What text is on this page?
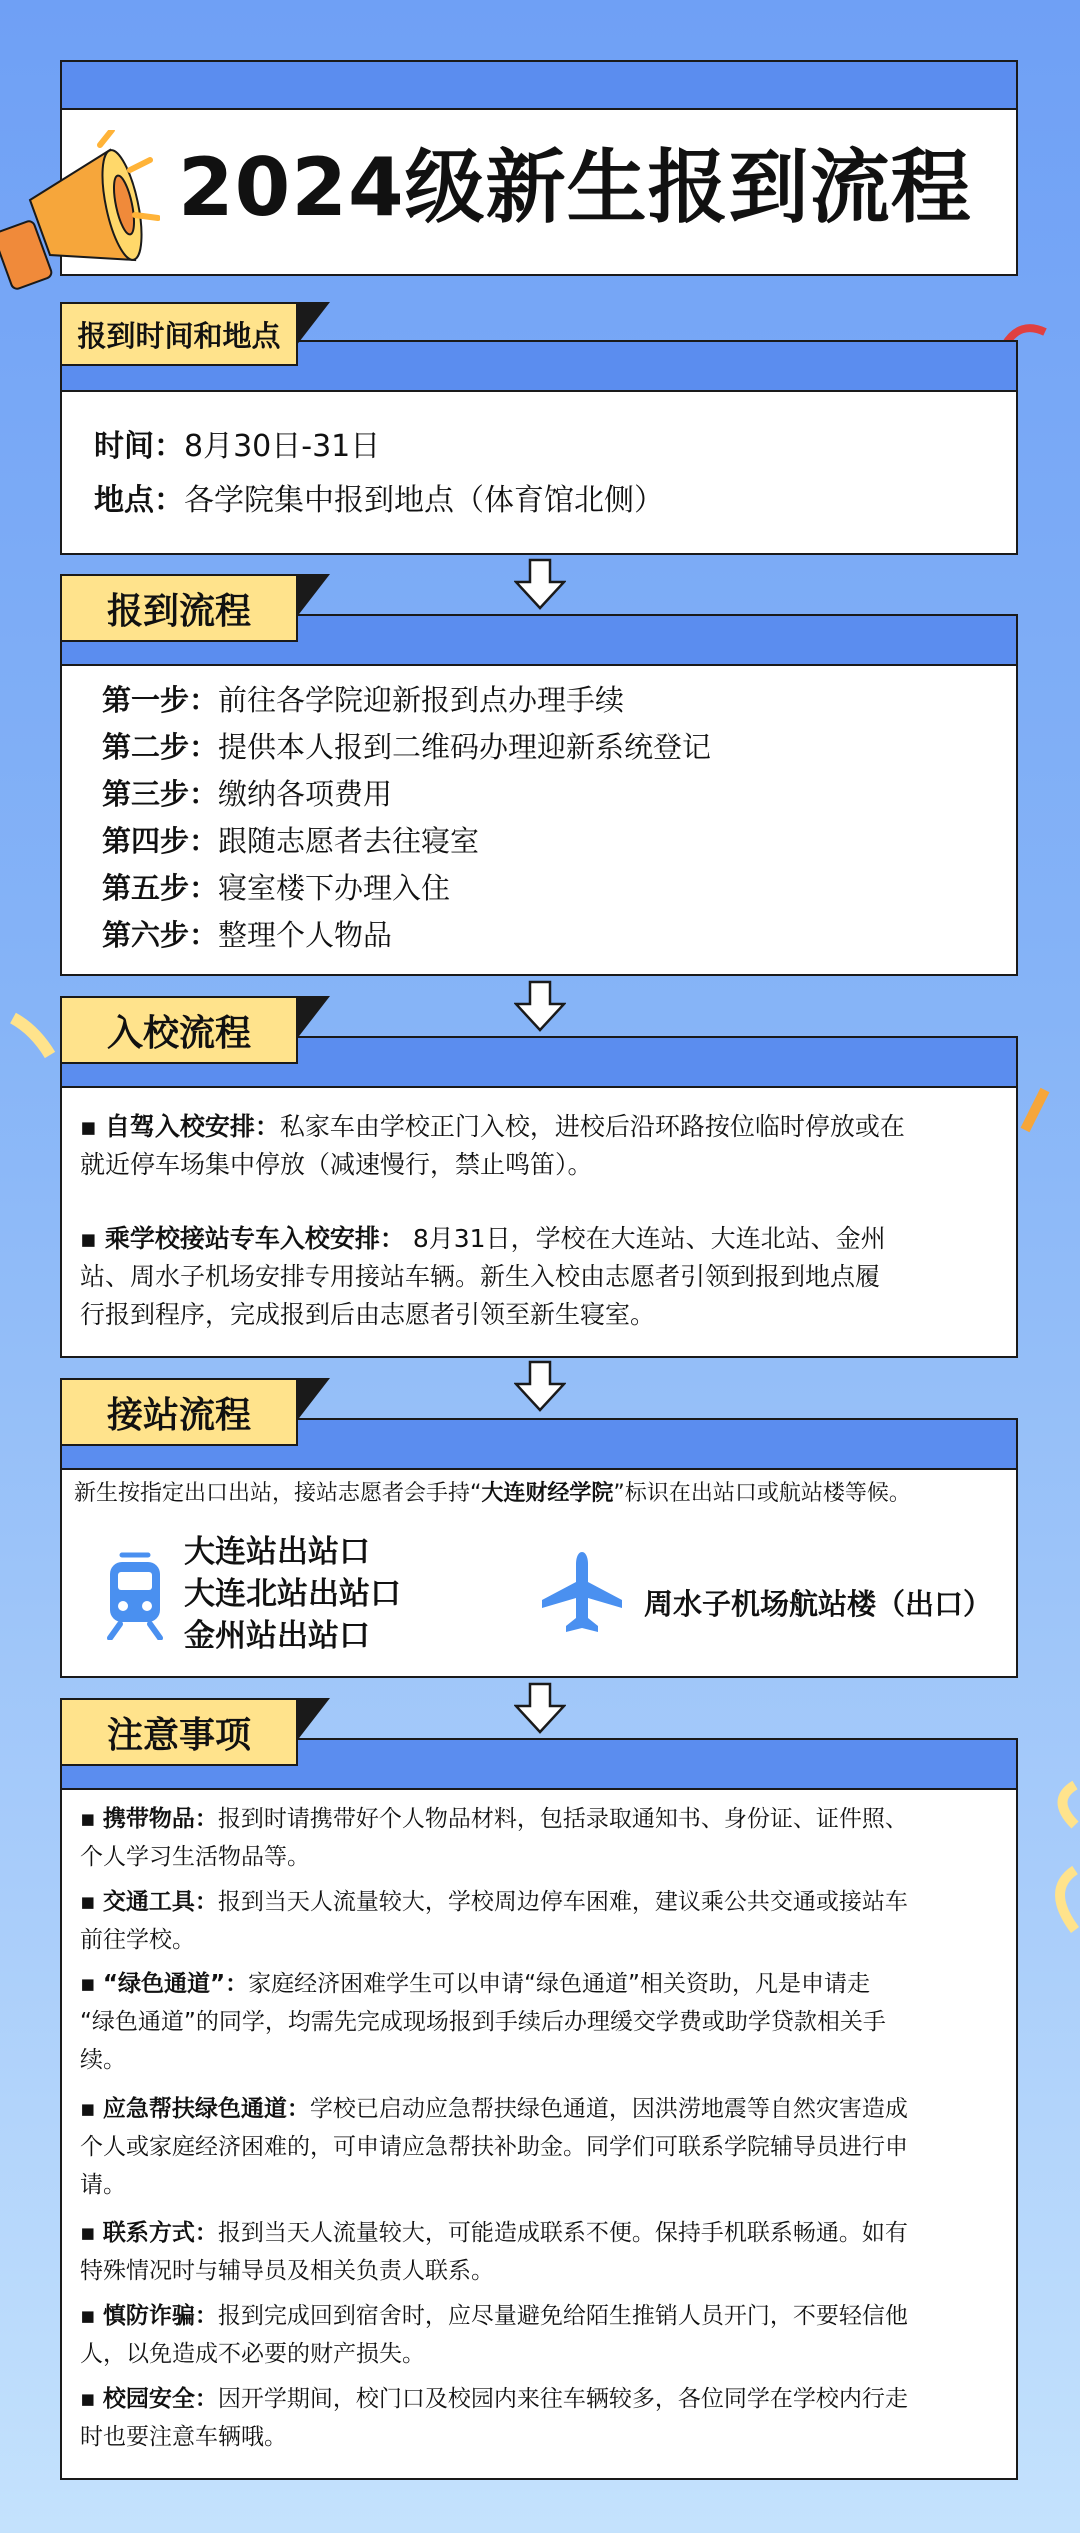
2024级新生报到流程
报到时间和地点
时间：8月30日-31日
地点：各学院集中报到地点（体育馆北侧）
报到流程
第一步：前往各学院迎新报到点办理手续
第二步：提供本人报到二维码办理迎新系统登记
第三步：缴纳各项费用
第四步：跟随志愿者去往寝室
第五步：寝室楼下办理入住
第六步：整理个人物品
入校流程
▪ 自驾入校安排：私家车由学校正门入校，进校后沿环路按位临时停放或在
就近停车场集中停放（减速慢行，禁止鸣笛）。
▪ 乘学校接站专车入校安排： 8月31日，学校在大连站、大连北站、金州
站、周水子机场安排专用接站车辆。新生入校由志愿者引领到报到地点履
行报到程序，完成报到后由志愿者引领至新生寝室。
接站流程
新生按指定出口出站，接站志愿者会手持“大连财经学院”标识在出站口或航站楼等候。
大连站出站口
大连北站出站口
金州站出站口
周水子机场航站楼（出口）
注意事项
▪ 携带物品：报到时请携带好个人物品材料，包括录取通知书、身份证、证件照、
个人学习生活物品等。
▪ 交通工具：报到当天人流量较大，学校周边停车困难，建议乘公共交通或接站车
前往学校。
▪ “绿色通道”：家庭经济困难学生可以申请“绿色通道”相关资助，凡是申请走
“绿色通道”的同学，均需先完成现场报到手续后办理缓交学费或助学贷款相关手
续。
▪ 应急帮扶绿色通道：学校已启动应急帮扶绿色通道，因洪涝地震等自然灾害造成
个人或家庭经济困难的，可申请应急帮扶补助金。同学们可联系学院辅导员进行申
请。
▪ 联系方式：报到当天人流量较大，可能造成联系不便。保持手机联系畅通。如有
特殊情况时与辅导员及相关负责人联系。
▪ 慎防诈骗：报到完成回到宿舍时，应尽量避免给陌生推销人员开门，不要轻信他
人，以免造成不必要的财产损失。
▪ 校园安全：因开学期间，校门口及校园内来往车辆较多，各位同学在学校内行走
时也要注意车辆哦。
